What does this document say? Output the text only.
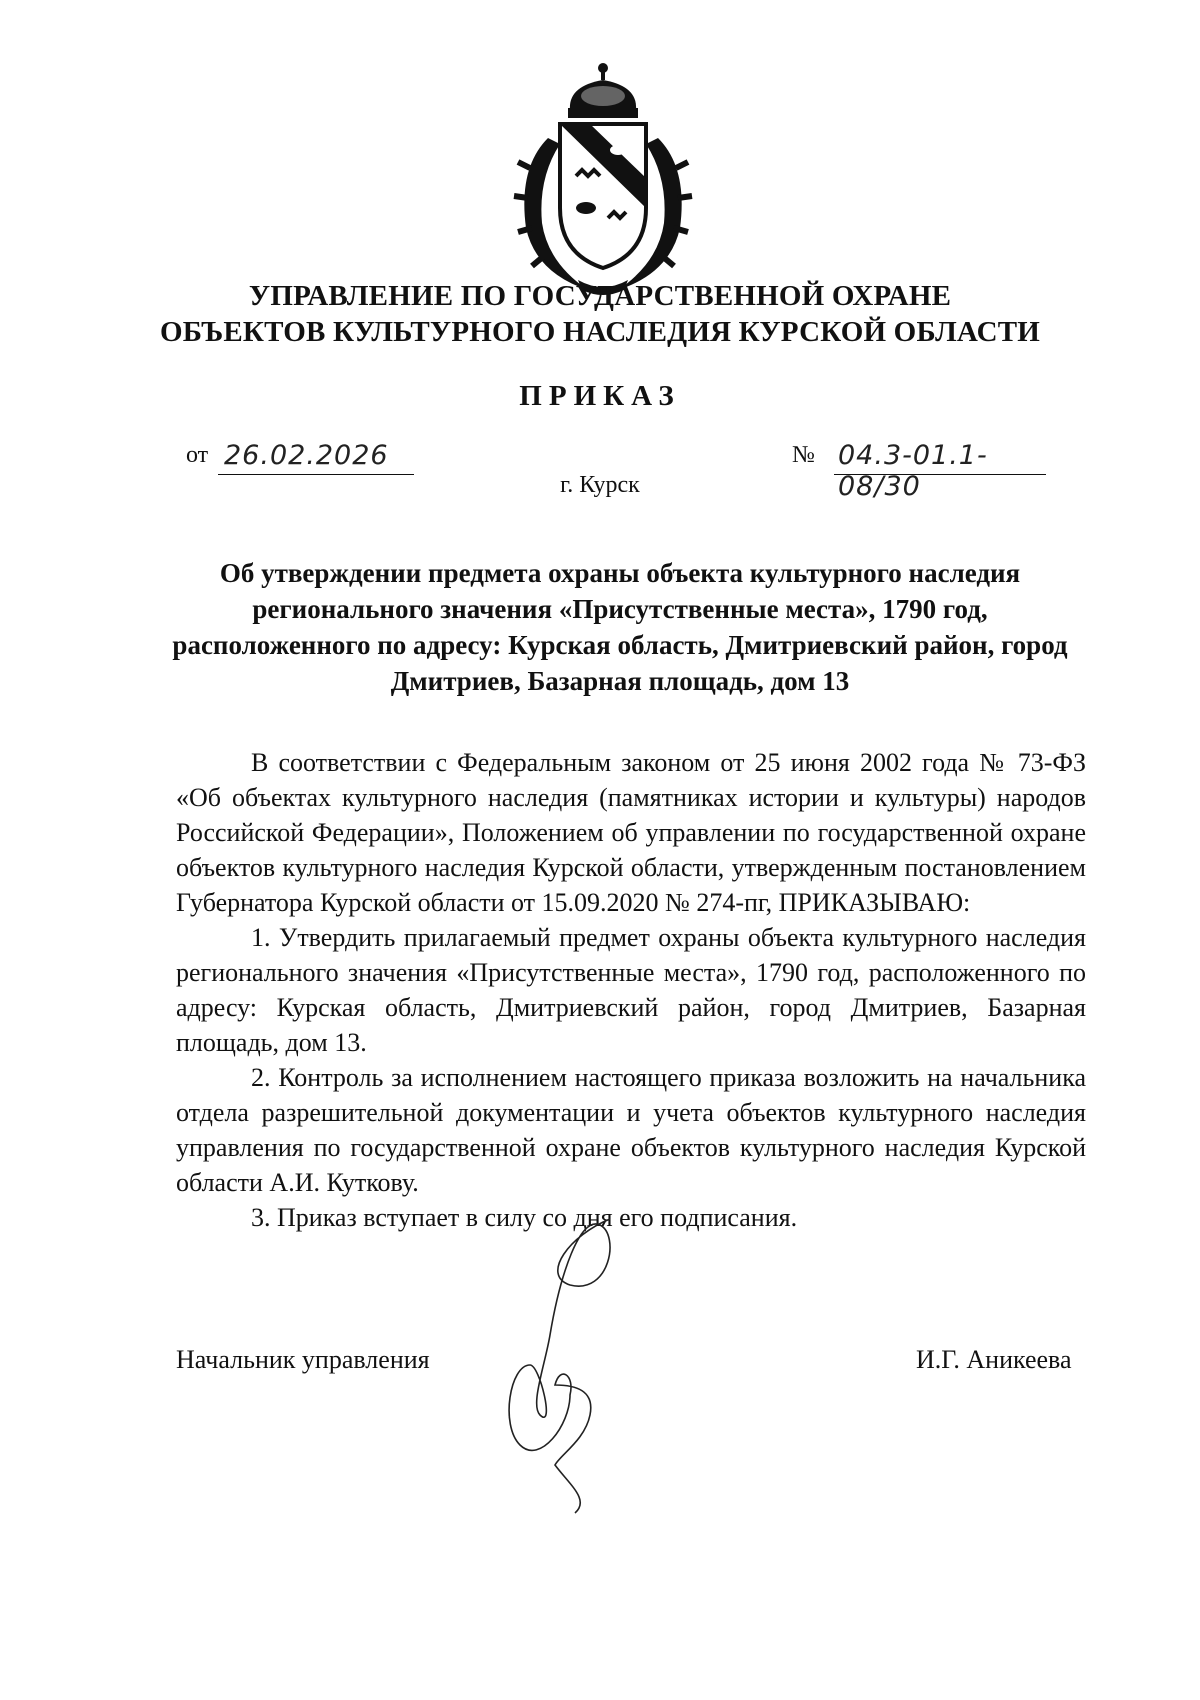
УПРАВЛЕНИЕ ПО ГОСУДАРСТВЕННОЙ ОХРАНЕ
ОБЪЕКТОВ КУЛЬТУРНОГО НАСЛЕДИЯ КУРСКОЙ ОБЛАСТИ
ПРИКАЗ
от 26.02.2026	№ 04.3-01.1-08/30
г. Курск
Об утверждении предмета охраны объекта культурного наследия регионального значения «Присутственные места», 1790 год, расположенного по адресу: Курская область, Дмитриевский район, город Дмитриев, Базарная площадь, дом 13

В соответствии с Федеральным законом от 25 июня 2002 года № 73-ФЗ «Об объектах культурного наследия (памятниках истории и культуры) народов Российской Федерации», Положением об управлении по государственной охране объектов культурного наследия Курской области, утвержденным постановлением Губернатора Курской области от 15.09.2020 № 274-пг, ПРИКАЗЫВАЮ:

1. Утвердить прилагаемый предмет охраны объекта культурного наследия регионального значения «Присутственные места», 1790 год, расположенного по адресу: Курская область, Дмитриевский район, город Дмитриев, Базарная площадь, дом 13.

2. Контроль за исполнением настоящего приказа возложить на начальника отдела разрешительной документации и учета объектов культурного наследия управления по государственной охране объектов культурного наследия Курской области А.И. Куткову.

3. Приказ вступает в силу со дня его подписания.

Начальник управления	И.Г. Аникеева
